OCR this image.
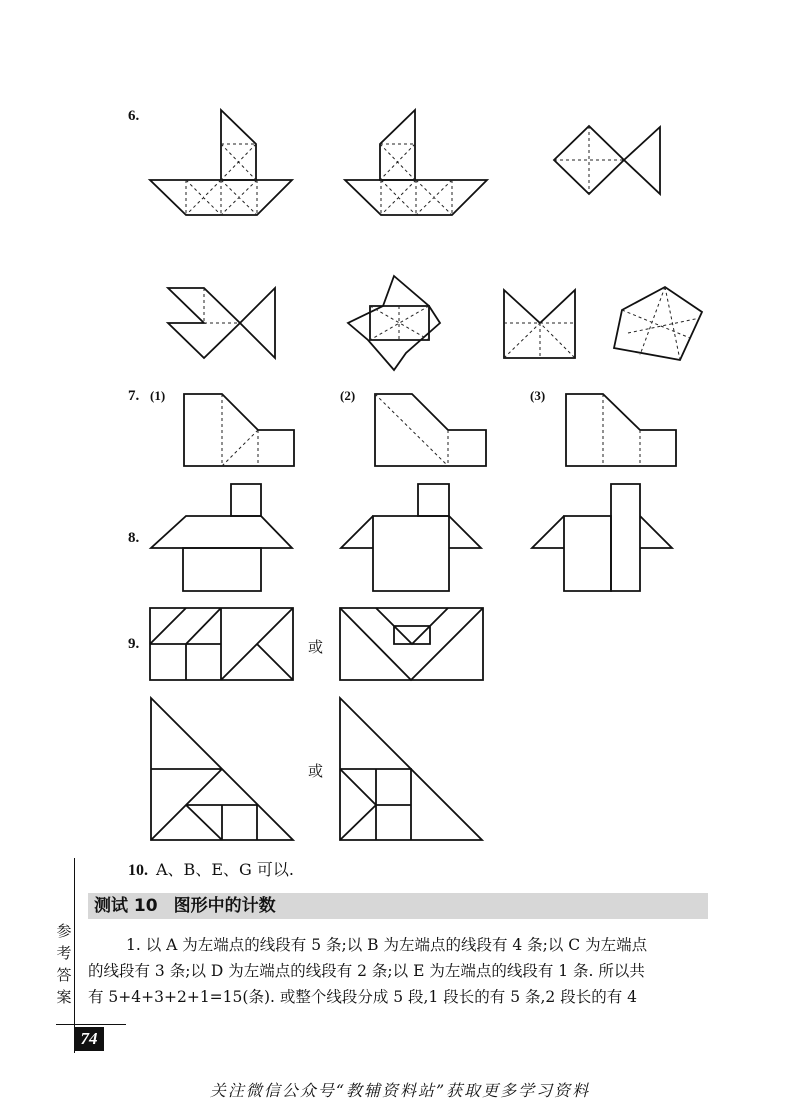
6.
7. (1)	(2)	(3)
8.
9.	或
或
10. A、B、E、G 可以.
测试 10 图形中的计数
1. 以 A 为左端点的线段有 5 条;以 B 为左端点的线段有 4 条;以 C 为左端点
的线段有 3 条;以 D 为左端点的线段有 2 条;以 E 为左端点的线段有 1 条. 所以共
有 5+4+3+2+1=15(条). 或整个线段分成 5 段,1 段长的有 5 条,2 段长的有 4
参
考
答
案
74
关注微信公众号“教辅资料站”获取更多学习资料
